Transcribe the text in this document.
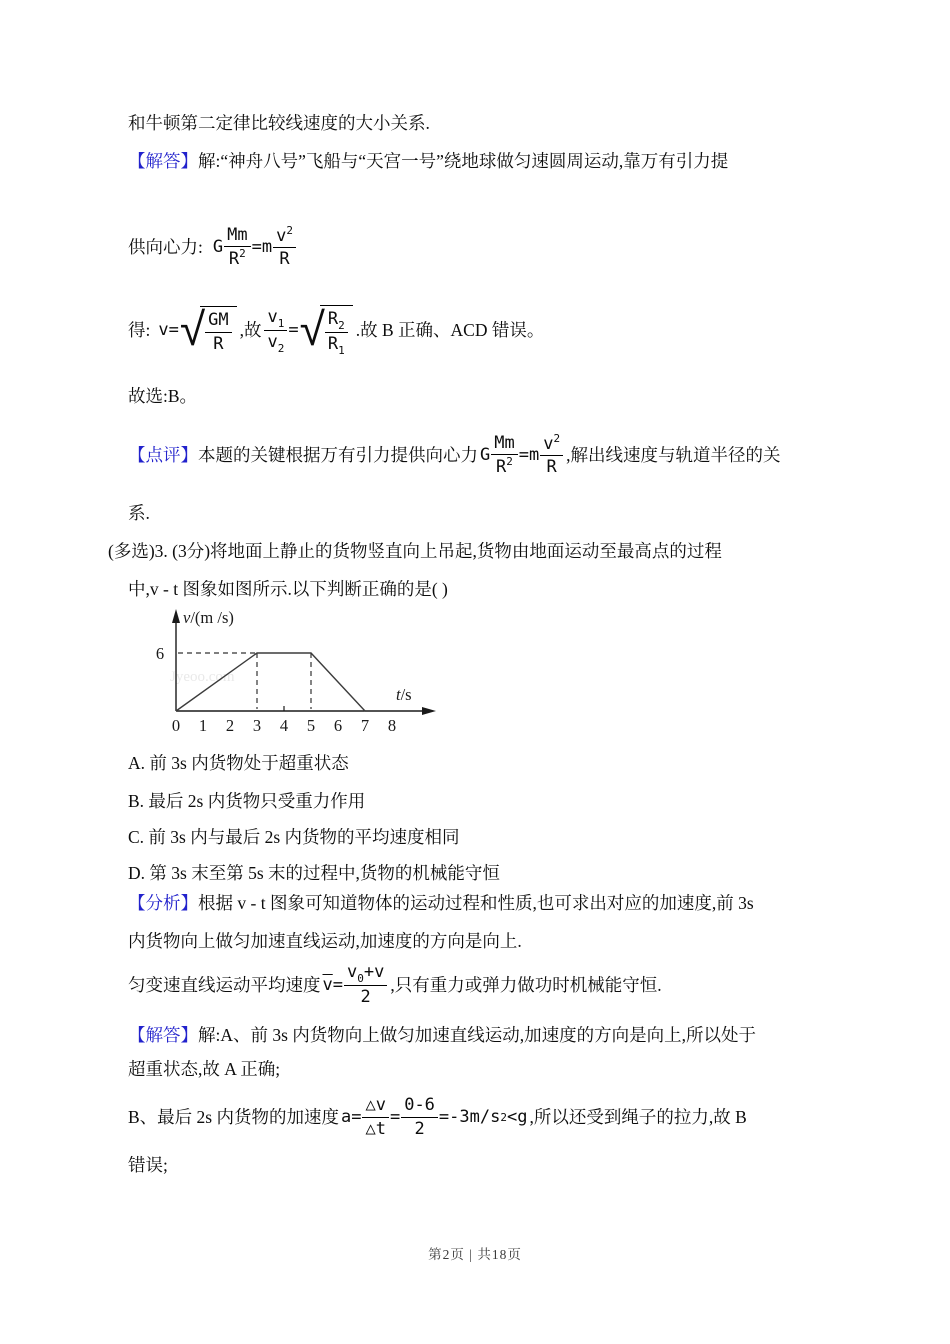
和牛顿第二定律比较线速度的大小关系.
【解答】 解:“神舟八号”飞船与“天宫一号”绕地球做匀速圆周运动,靠万有引力提
供向心力: G $\frac{Mm}{R^2} = m \frac{v^2}{R}$
得: v= √ $\frac{GM}{R}$ ,故 $\frac{v_1}{v_2}$ = √ $\frac{R_2}{R_1}$ .故 B 正确、ACD 错误。
故选:B。
【点评】 本题的关键根据万有引力提供向心力 G $\frac{Mm}{R^2} = m \frac{v^2}{R}$ ,解出线速度与轨道半径的关
系.
(多选)3. (3分)将地面上静止的货物竖直向上吊起,货物由地面运动至最高点的过程
中,v - t 图象如图所示.以下判断正确的是( )
Jyeoo.com
v/(m /s)
t/s
6
0 1 2 3 4 5 6 7 8
A. 前 3s 内货物处于超重状态
B. 最后 2s 内货物只受重力作用
C. 前 3s 内与最后 2s 内货物的平均速度相同
D. 第 3s 末至第 5s 末的过程中,货物的机械能守恒
【分析】 根据 v - t 图象可知道物体的运动过程和性质,也可求出对应的加速度,前 3s
内货物向上做匀加速直线运动,加速度的方向是向上.
匀变速直线运动平均速度 $\overline{v} = \frac{v_0+v}{2}$ ,只有重力或弹力做功时机械能守恒.
【解答】 解:A、前 3s 内货物向上做匀加速直线运动,加速度的方向是向上,所以处于
超重状态,故 A 正确;
B、最后 2s 内货物的加速度 $a= \frac{\triangle v}{\triangle t} = \frac{0-6}{2} = -3m/s$ 2 <g ,所以还受到绳子的拉力,故 B
错误;
第2页 | 共18页
